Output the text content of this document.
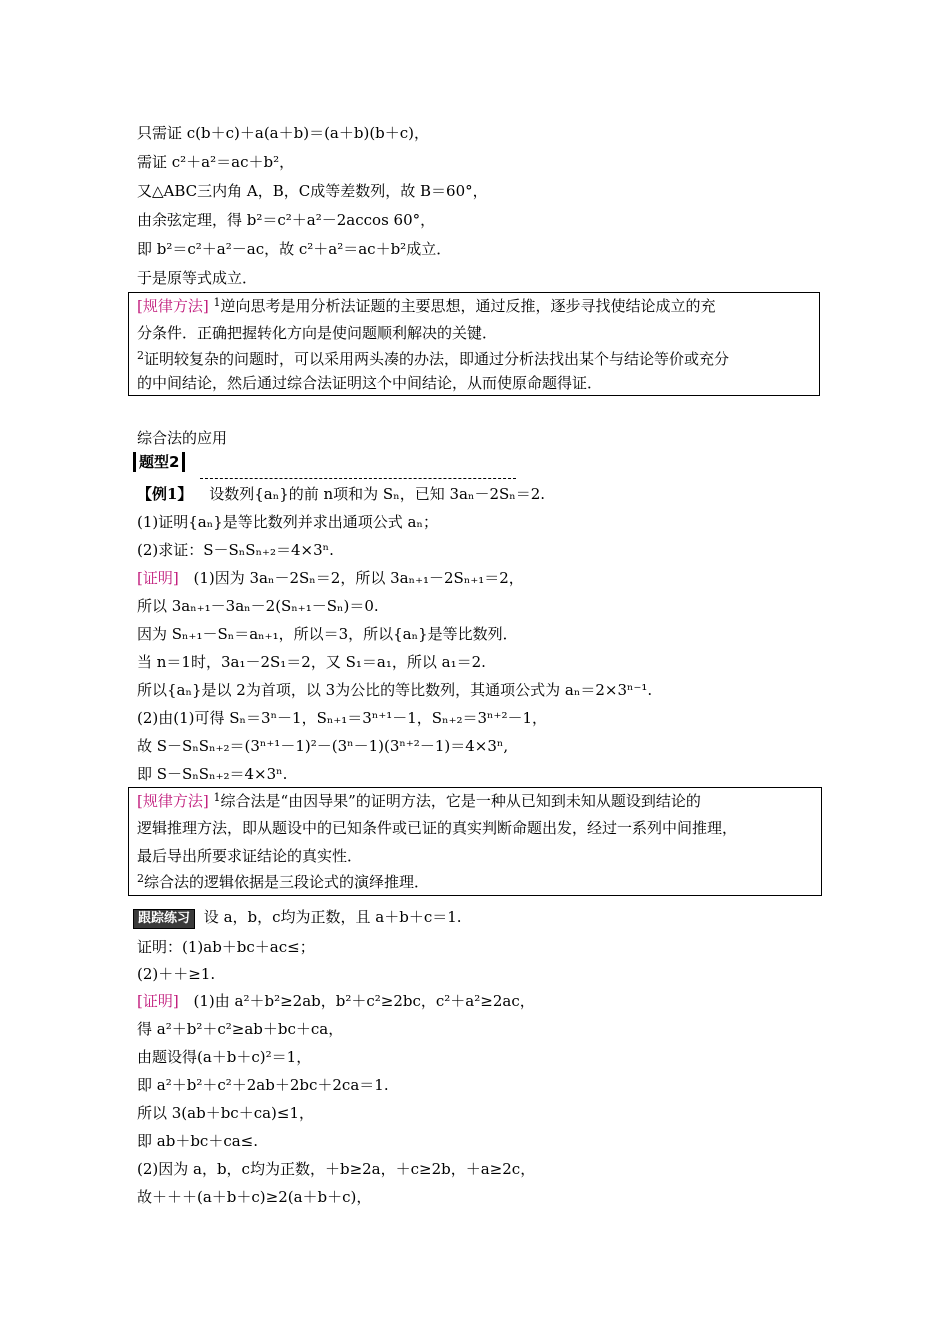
只需证 c(b＋c)＋a(a＋b)＝(a＋b)(b＋c)，
需证 c²＋a²＝ac＋b²，
又△ABC三内角 A，B，C成等差数列，故 B＝60°，
由余弦定理，得 b²＝c²＋a²－2accos 60°，
即 b²＝c²＋a²－ac，故 c²＋a²＝ac＋b²成立．
于是原等式成立．
[规律方法] $^1$逆向思考是用分析法证题的主要思想，通过反推，逐步寻找使结论成立的充
分条件．正确把握转化方向是使问题顺利解决的关键．
$^2$证明较复杂的问题时，可以采用两头凑的办法，即通过分析法找出某个与结论等价或充分
的中间结论，然后通过综合法证明这个中间结论，从而使原命题得证．
综合法的应用
题型2
【例1】 设数列{aₙ}的前 n项和为 Sₙ，已知 3aₙ－2Sₙ＝2.
(1)证明{aₙ}是等比数列并求出通项公式 aₙ；
(2)求证：S－SₙSₙ₊₂＝4×3ⁿ.
[证明] (1)因为 3aₙ－2Sₙ＝2，所以 3aₙ₊₁－2Sₙ₊₁＝2，
所以 3aₙ₊₁－3aₙ－2(Sₙ₊₁－Sₙ)＝0.
因为 Sₙ₊₁－Sₙ＝aₙ₊₁，所以＝3，所以{aₙ}是等比数列．
当 n＝1时，3a₁－2S₁＝2，又 S₁＝a₁，所以 a₁＝2.
所以{aₙ}是以 2为首项，以 3为公比的等比数列，其通项公式为 aₙ＝2×3ⁿ⁻¹.
(2)由(1)可得 Sₙ＝3ⁿ－1，Sₙ₊₁＝3ⁿ⁺¹－1，Sₙ₊₂＝3ⁿ⁺²－1，
故 S－SₙSₙ₊₂＝(3ⁿ⁺¹－1)²－(3ⁿ－1)(3ⁿ⁺²－1)＝4×3ⁿ,
即 S－SₙSₙ₊₂＝4×3ⁿ.
[规律方法] $^1$综合法是“由因导果”的证明方法，它是一种从已知到未知从题设到结论的
逻辑推理方法，即从题设中的已知条件或已证的真实判断命题出发，经过一系列中间推理，
最后导出所要求证结论的真实性．
$^2$综合法的逻辑依据是三段论式的演绎推理．
跟踪练习 设 a，b，c均为正数，且 a＋b＋c＝1.
证明：(1)ab＋bc＋ac≤；
(2)＋＋≥1.
[证明] (1)由 a²＋b²≥2ab，b²＋c²≥2bc，c²＋a²≥2ac，
得 a²＋b²＋c²≥ab＋bc＋ca，
由题设得(a＋b＋c)²＝1，
即 a²＋b²＋c²＋2ab＋2bc＋2ca＝1.
所以 3(ab＋bc＋ca)≤1，
即 ab＋bc＋ca≤.
(2)因为 a，b，c均为正数，＋b≥2a，＋c≥2b，＋a≥2c，
故＋＋＋(a＋b＋c)≥2(a＋b＋c)，
